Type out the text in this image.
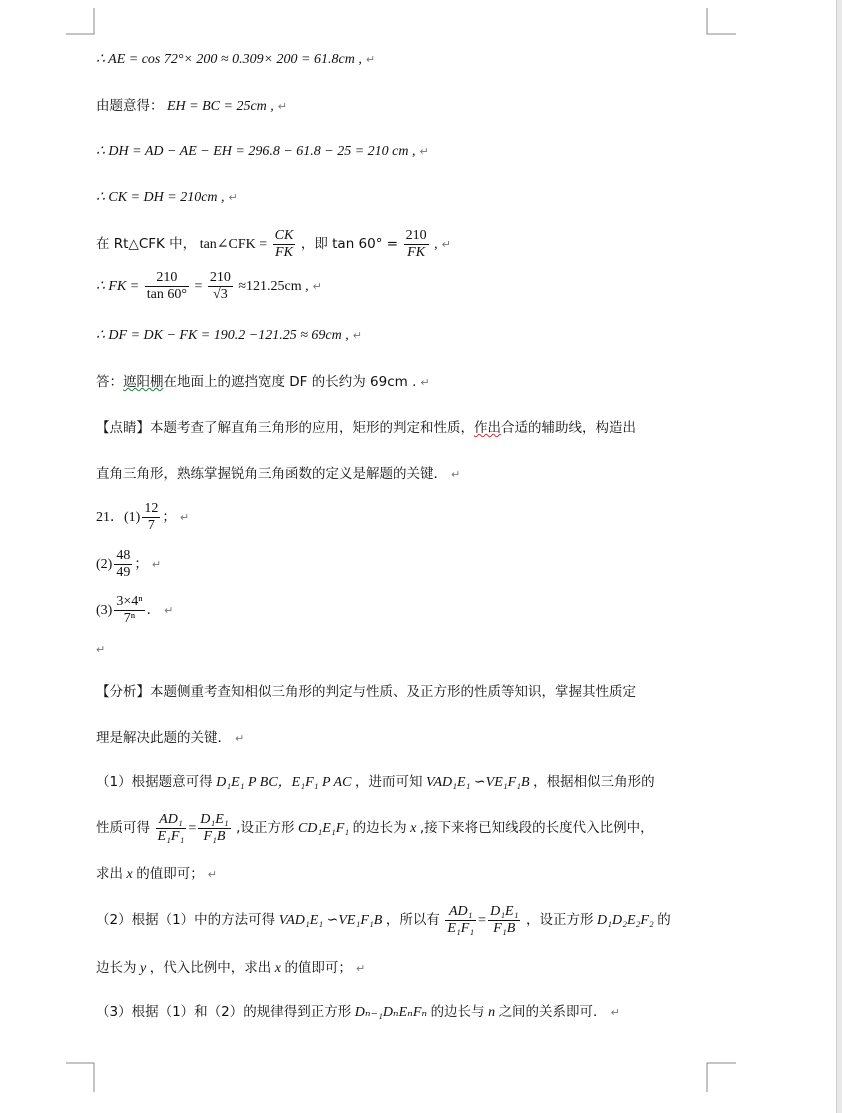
∴ AE = cos 72°× 200 ≈ 0.309× 200 = 61.8cm , ↵
由题意得： EH = BC = 25cm , ↵
∴ DH = AD − AE − EH = 296.8 − 61.8 − 25 = 210 cm , ↵
∴ CK = DH = 210cm , ↵
在 Rt△CFK 中， tan∠CFK = $\frac{CK}{FK}$ ，即 $\tan 60^\circ = \frac{210}{FK}$ , ↵
∴ FK = $\frac{210}{\tan 60^\circ} = \frac{210}{√3} \approx 121.25cm$ , ↵
∴ DF = DK − FK = 190.2 −121.25 ≈ 69cm , ↵
答：遮阳棚在地面上的遮挡宽度 DF 的长约为 69cm . ↵
【点睛】本题考查了解直角三角形的应用，矩形的判定和性质，作出合适的辅助线，构造出
直角三角形，熟练掌握锐角三角函数的定义是解题的关键． ↵
21．$(1) \frac{12}{7}$ ； ↵
$(2) \frac{48}{49}$ ； ↵
$(3) \frac{\text{3×4ⁿ}}{\text{7ⁿ}}$ ． ↵
↵
【分析】本题侧重考查知相似三角形的判定与性质、及正方形的性质等知识，掌握其性质定
理是解决此题的关键． ↵
（1）根据题意可得 D₁E₁ P BC，E₁F₁ P AC ，进而可知 VAD₁E₁ ∽VE₁F₁B ，根据相似三角形的
性质可得 $\frac{\text{AD₁}}{\text{E₁F₁}} = \frac{\text{D₁E₁}}{\text{F₁B}}$ ,设正方形 CD₁E₁F₁ 的边长为 x ,接下来将已知线段的长度代入比例中，
求出 x 的值即可； ↵
（2）根据（1）中的方法可得 VAD₁E₁ ∽VE₁F₁B ，所以有 $\frac{\text{AD₁}}{\text{E₁F₁}} = \frac{\text{D₁E₁}}{\text{F₁B}}$ ，设正方形 D₁D₂E₂F₂ 的
边长为 y ，代入比例中，求出 x 的值即可； ↵
（3）根据（1）和（2）的规律得到正方形 Dₙ₋₁DₙEₙFₙ 的边长与 n 之间的关系即可． ↵
